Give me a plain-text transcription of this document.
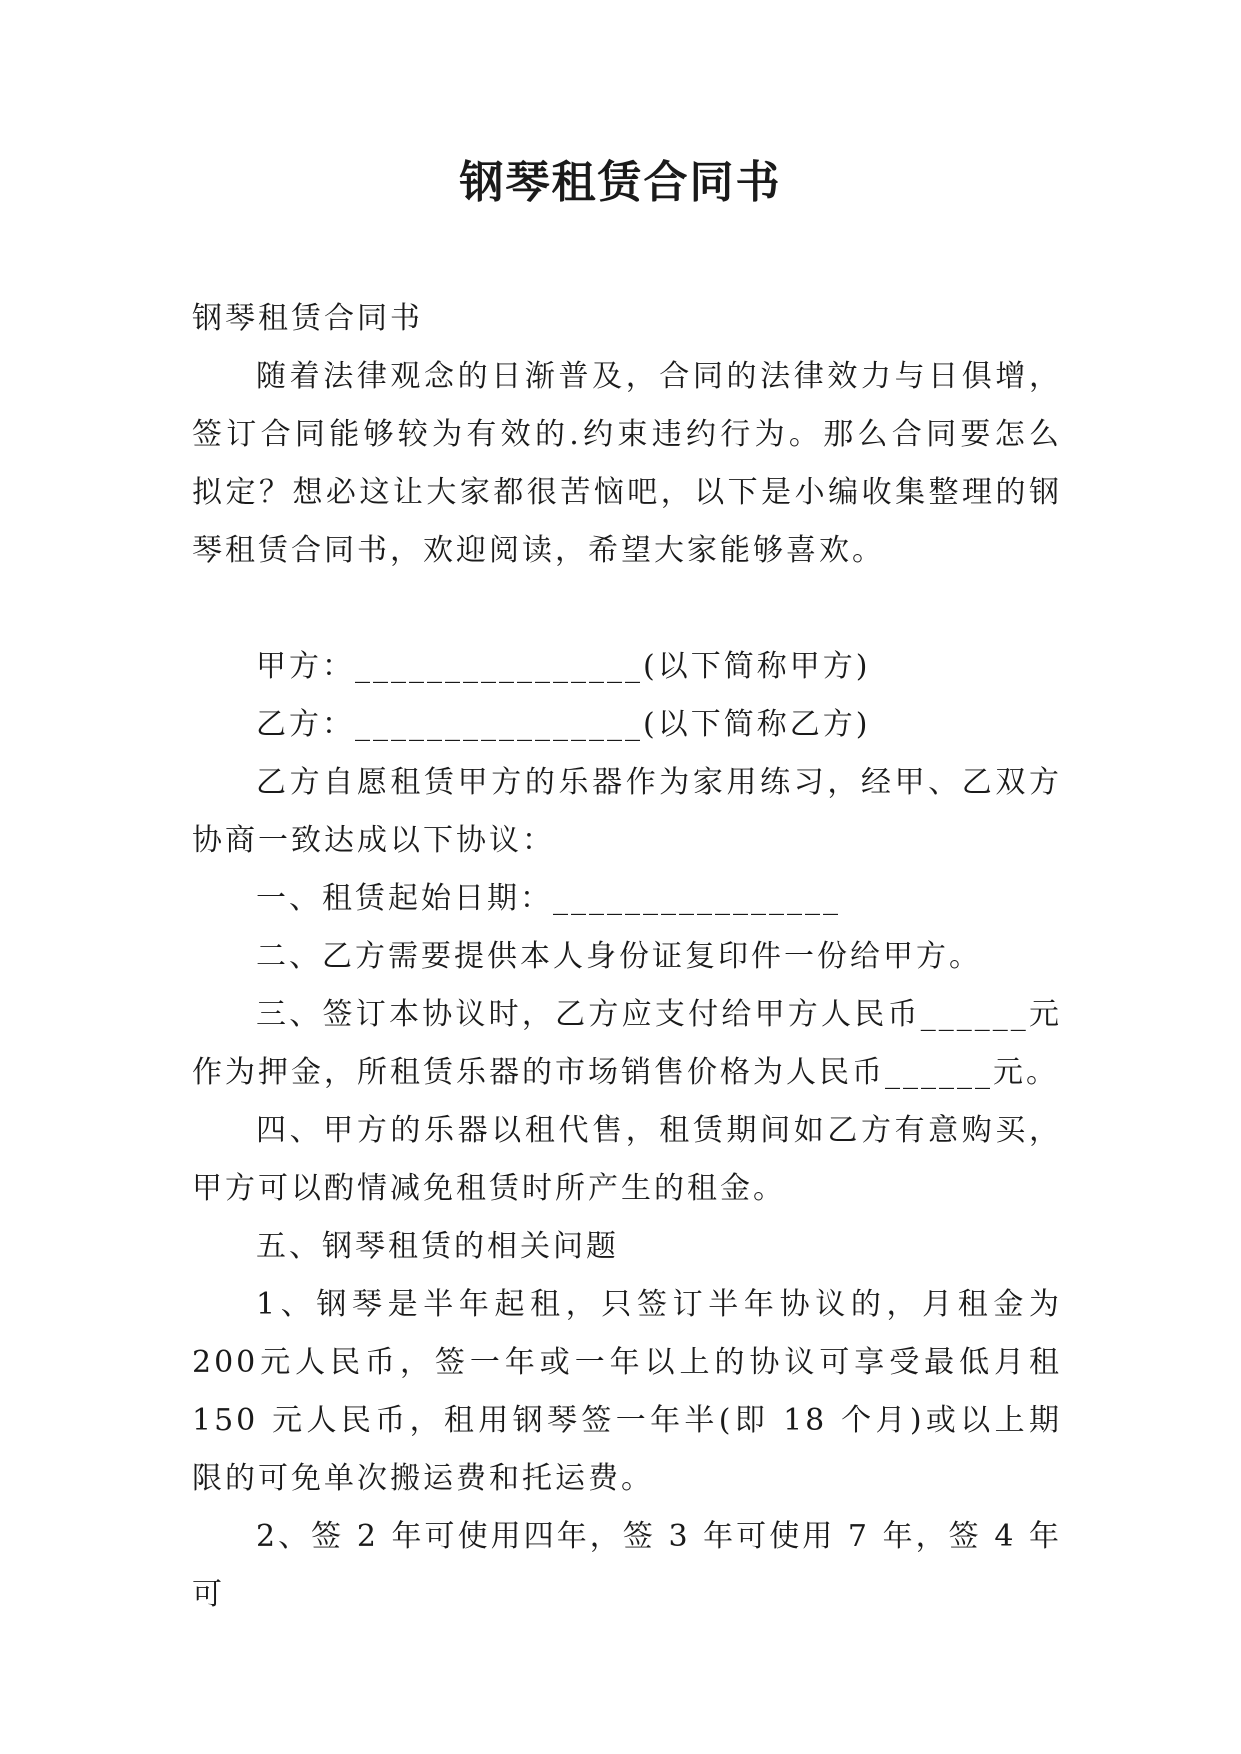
钢琴租赁合同书

钢琴租赁合同书

随着法律观念的日渐普及，合同的法律效力与日俱增，签订合同能够较为有效的.约束违约行为。那么合同要怎么拟定？想必这让大家都很苦恼吧，以下是小编收集整理的钢琴租赁合同书，欢迎阅读，希望大家能够喜欢。

甲方：________________(以下简称甲方)

乙方：________________(以下简称乙方)

乙方自愿租赁甲方的乐器作为家用练习，经甲、乙双方协商一致达成以下协议：

一、租赁起始日期：________________

二、乙方需要提供本人身份证复印件一份给甲方。

三、签订本协议时，乙方应支付给甲方人民币______元作为押金，所租赁乐器的市场销售价格为人民币______元。

四、甲方的乐器以租代售，租赁期间如乙方有意购买，甲方可以酌情减免租赁时所产生的租金。

五、钢琴租赁的相关问题

1、钢琴是半年起租，只签订半年协议的，月租金为 200元人民币，签一年或一年以上的协议可享受最低月租 150 元人民币，租用钢琴签一年半(即 18 个月)或以上期限的可免单次搬运费和托运费。

2、签 2 年可使用四年，签 3 年可使用 7 年，签 4 年可
